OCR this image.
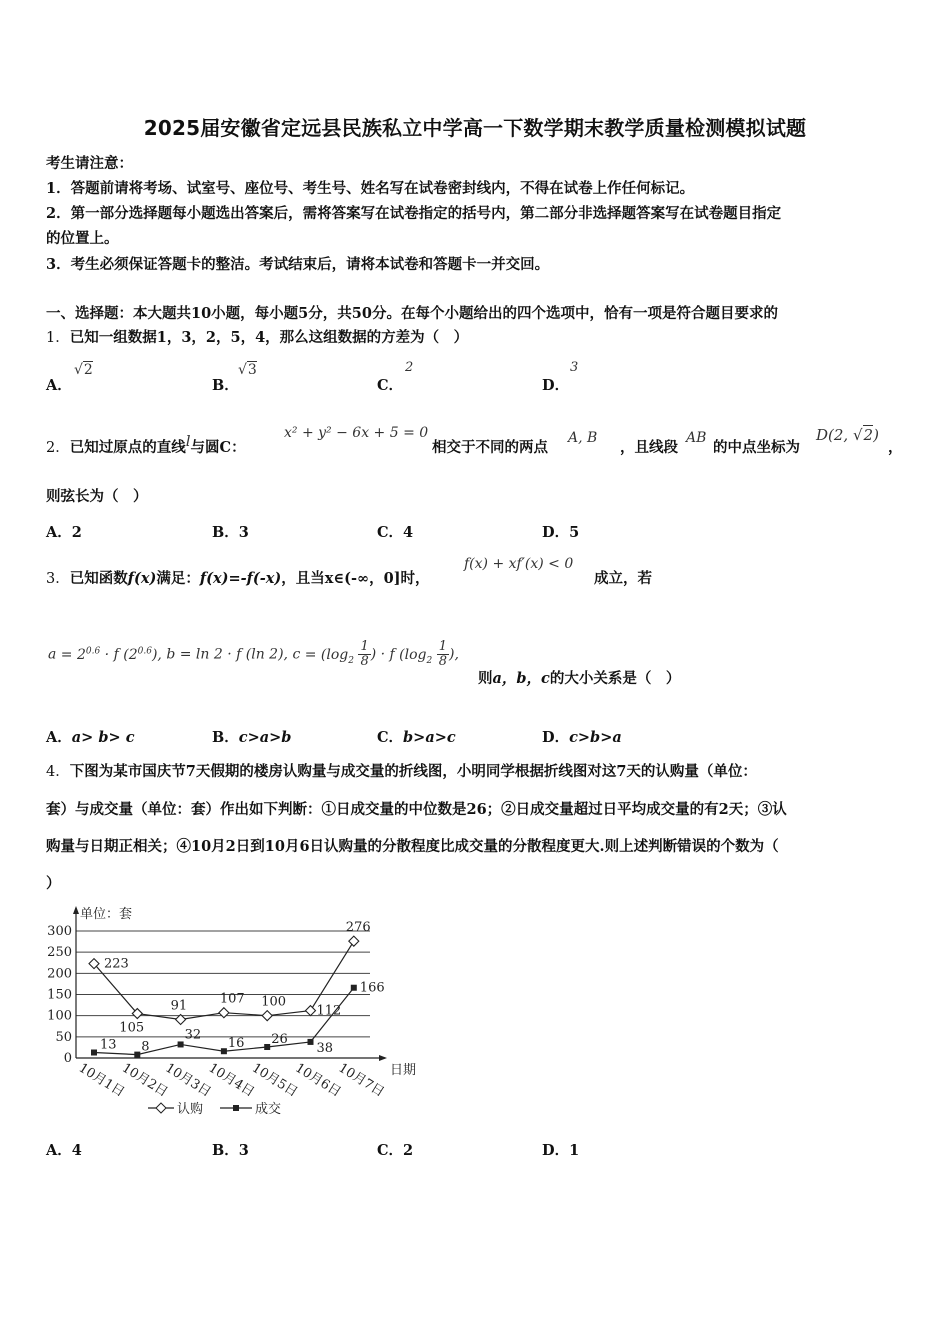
2025届安徽省定远县民族私立中学高一下数学期末教学质量检测模拟试题
考生请注意：
1．答题前请将考场、试室号、座位号、考生号、姓名写在试卷密封线内，不得在试卷上作任何标记。
2．第一部分选择题每小题选出答案后，需将答案写在试卷指定的括号内，第二部分非选择题答案写在试卷题目指定
的位置上。
3．考生必须保证答题卡的整洁。考试结束后，请将本试卷和答题卡一并交回。
一、选择题：本大题共10小题，每小题5分，共50分。在每个小题给出的四个选项中，恰有一项是符合题目要求的
1．已知一组数据1，3，2，5，4，那么这组数据的方差为（　）
A．
√2
B．
√3
C．
2
D．
3
2．已知过原点的直线l与圆C：
x² + y² − 6x + 5 = 0
相交于不同的两点
A, B
，且线段
AB
的中点坐标为
D(2, √2)
，
则弦长为（　）
A．2	B．3	C．4	D．5
3．已知函数f(x)满足：f(x)=-f(-x)，且当x∈(-∞，0]时，
f(x) + xf′(x) < 0
成立，若
$a = 2^{0.6} \cdot f$ $(2^{0.6})$, b = ln 2 · f (ln 2), $c = (\log_2 \frac{1}{8}$ ) · f ($\log_2 \frac{1}{8}$ ),
则a，b，c的大小关系是（　）
A．a> b> c	B．c>a>b	C．b>a>c	D．c>b>a
4．下图为某市国庆节7天假期的楼房认购量与成交量的折线图，小明同学根据折线图对这7天的认购量（单位：
套）与成交量（单位：套）作出如下判断：①日成交量的中位数是26；②日成交量超过日平均成交量的有2天；③认
购量与日期正相关；④10月2日到10月6日认购量的分散程度比成交量的分散程度更大.则上述判断错误的个数为（
）
0
50
100
150
200
250
300
单位：套
日期
10月1日
10月2日
10月3日
10月4日
10月5日
10月6日
10月7日
223
105
91	107 100
112
276
13 8
32
16 26
38
166
认购	成交
A．4	B．3	C．2	D．1
